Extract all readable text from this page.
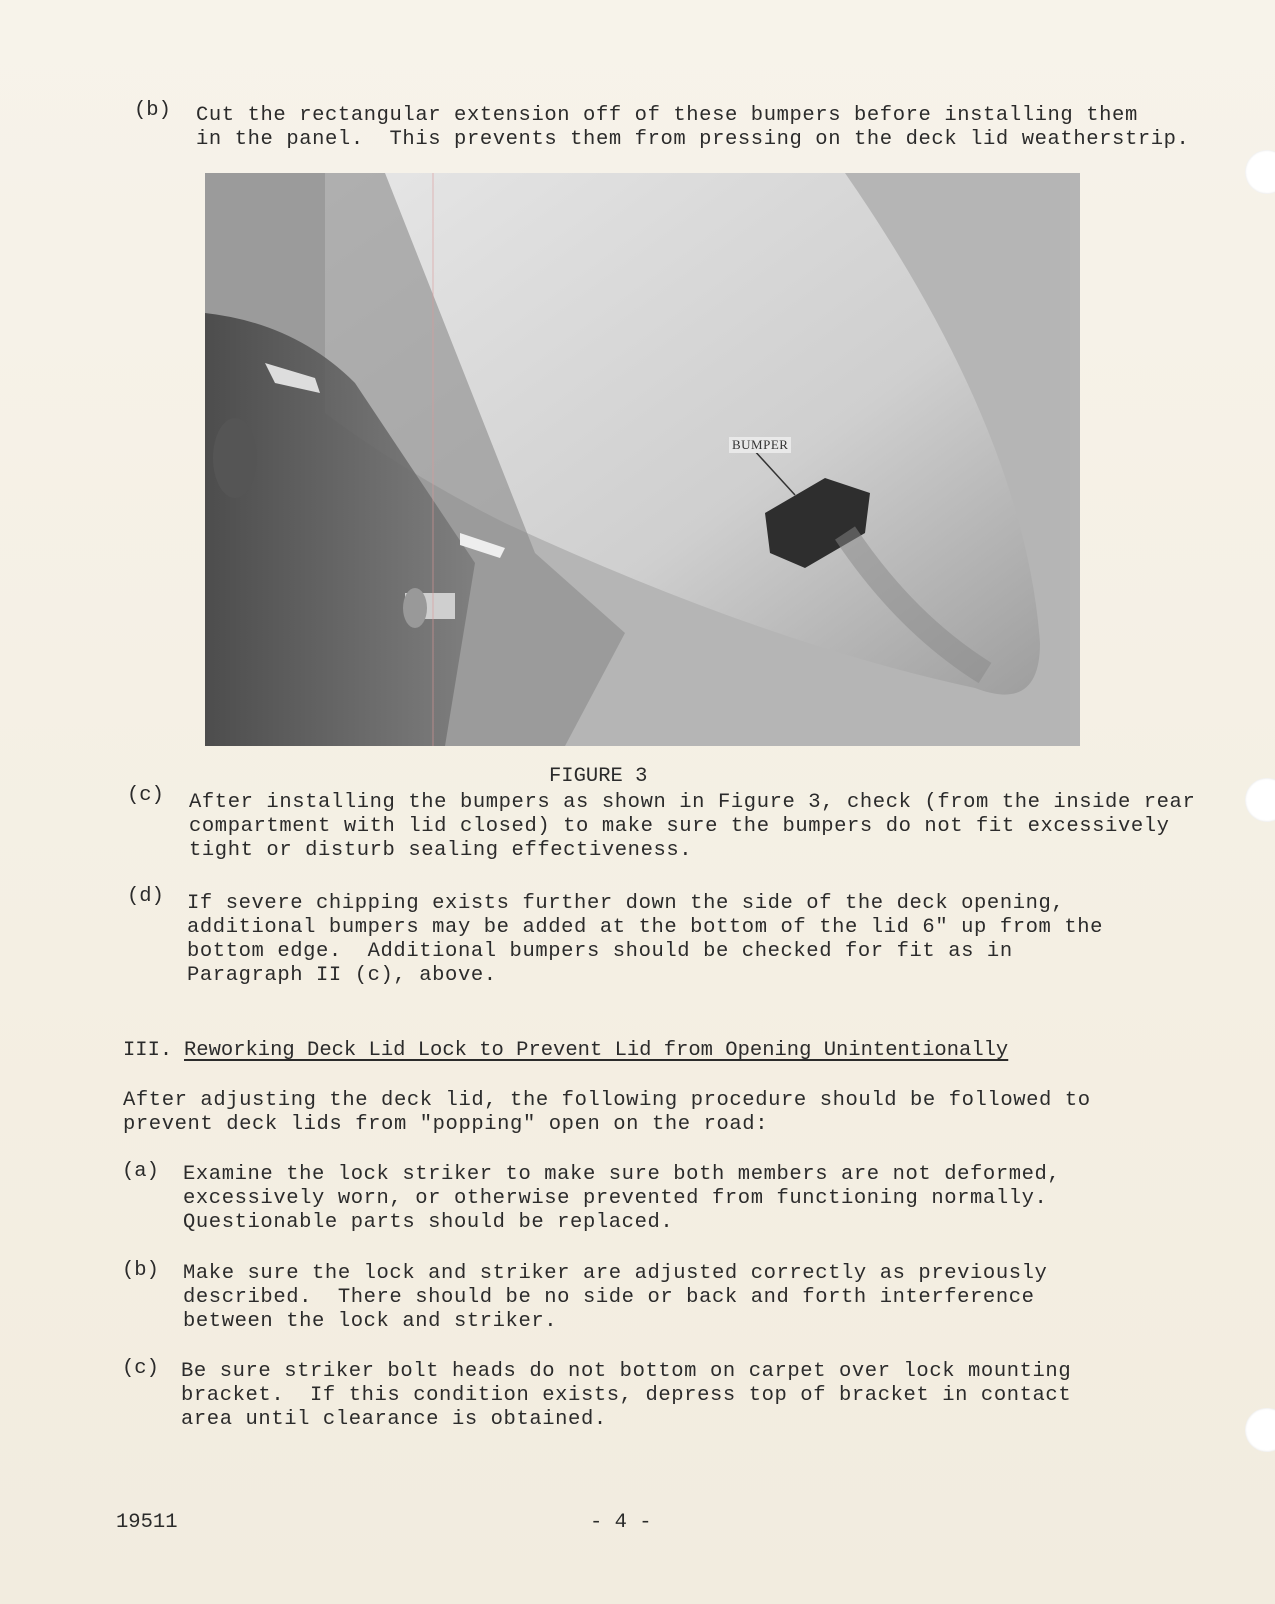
(b) Cut the rectangular extension off of these bumpers before installing them
in the panel.  This prevents them from pressing on the deck lid weatherstrip.
BUMPER
FIGURE 3
(c) After installing the bumpers as shown in Figure 3, check (from the inside rear
compartment with lid closed) to make sure the bumpers do not fit excessively
tight or disturb sealing effectiveness.
(d) If severe chipping exists further down the side of the deck opening,
additional bumpers may be added at the bottom of the lid 6" up from the
bottom edge.  Additional bumpers should be checked for fit as in
Paragraph II (c), above.
III. Reworking Deck Lid Lock to Prevent Lid from Opening Unintentionally
After adjusting the deck lid, the following procedure should be followed to
prevent deck lids from "popping" open on the road:
(a) Examine the lock striker to make sure both members are not deformed,
excessively worn, or otherwise prevented from functioning normally.
Questionable parts should be replaced.
(b) Make sure the lock and striker are adjusted correctly as previously
described.  There should be no side or back and forth interference
between the lock and striker.
(c) Be sure striker bolt heads do not bottom on carpet over lock mounting
bracket.  If this condition exists, depress top of bracket in contact
area until clearance is obtained.
19511	- 4 -
